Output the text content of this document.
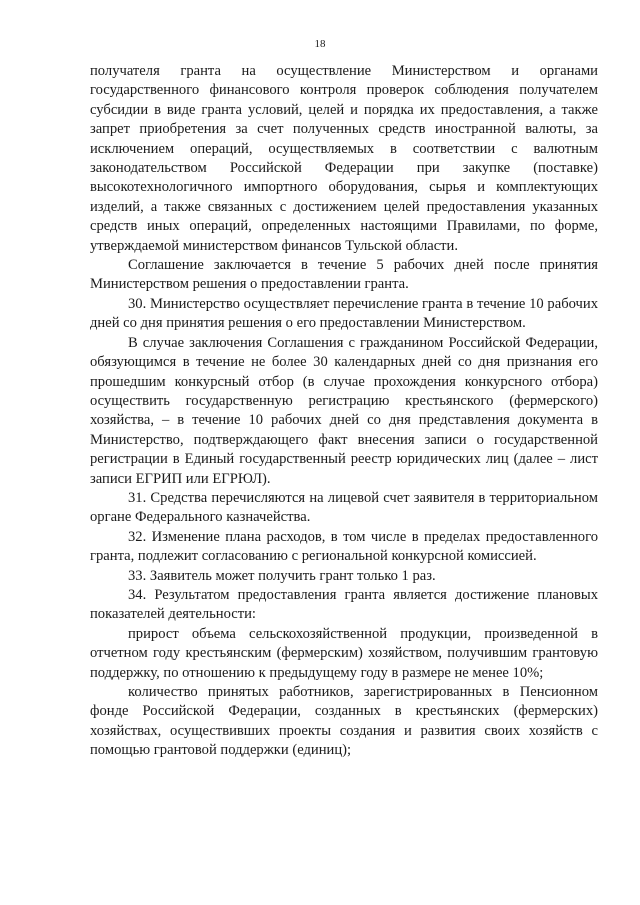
18

получателя гранта на осуществление Министерством и органами государственного финансового контроля проверок соблюдения получателем субсидии в виде гранта условий, целей и порядка их предоставления, а также запрет приобретения за счет полученных средств иностранной валюты, за исключением операций, осуществляемых в соответствии с валютным законодательством Российской Федерации при закупке (поставке) высокотехнологичного импортного оборудования, сырья и комплектующих изделий, а также связанных с достижением целей предоставления указанных средств иных операций, определенных настоящими Правилами, по форме, утверждаемой министерством финансов Тульской области.

Соглашение заключается в течение 5 рабочих дней после принятия Министерством решения о предоставлении гранта.

30. Министерство осуществляет перечисление гранта в течение 10 рабочих дней со дня принятия решения о его предоставлении Министерством.

В случае заключения Соглашения с гражданином Российской Федерации, обязующимся в течение не более 30 календарных дней со дня признания его прошедшим конкурсный отбор (в случае прохождения конкурсного отбора) осуществить государственную регистрацию крестьянского (фермерского) хозяйства, – в течение 10 рабочих дней со дня представления документа в Министерство, подтверждающего факт внесения записи о государственной регистрации в Единый государственный реестр юридических лиц (далее – лист записи ЕГРИП или ЕГРЮЛ).

31. Средства перечисляются на лицевой счет заявителя в территориальном органе Федерального казначейства.

32. Изменение плана расходов, в том числе в пределах предоставленного гранта, подлежит согласованию с региональной конкурсной комиссией.

33. Заявитель может получить грант только 1 раз.

34. Результатом предоставления гранта является достижение плановых показателей деятельности:

прирост объема сельскохозяйственной продукции, произведенной в отчетном году крестьянским (фермерским) хозяйством, получившим грантовую поддержку, по отношению к предыдущему году в размере не менее 10%;

количество принятых работников, зарегистрированных в Пенсионном фонде Российской Федерации, созданных в крестьянских (фермерских) хозяйствах, осуществивших проекты создания и развития своих хозяйств с помощью грантовой поддержки (единиц);
